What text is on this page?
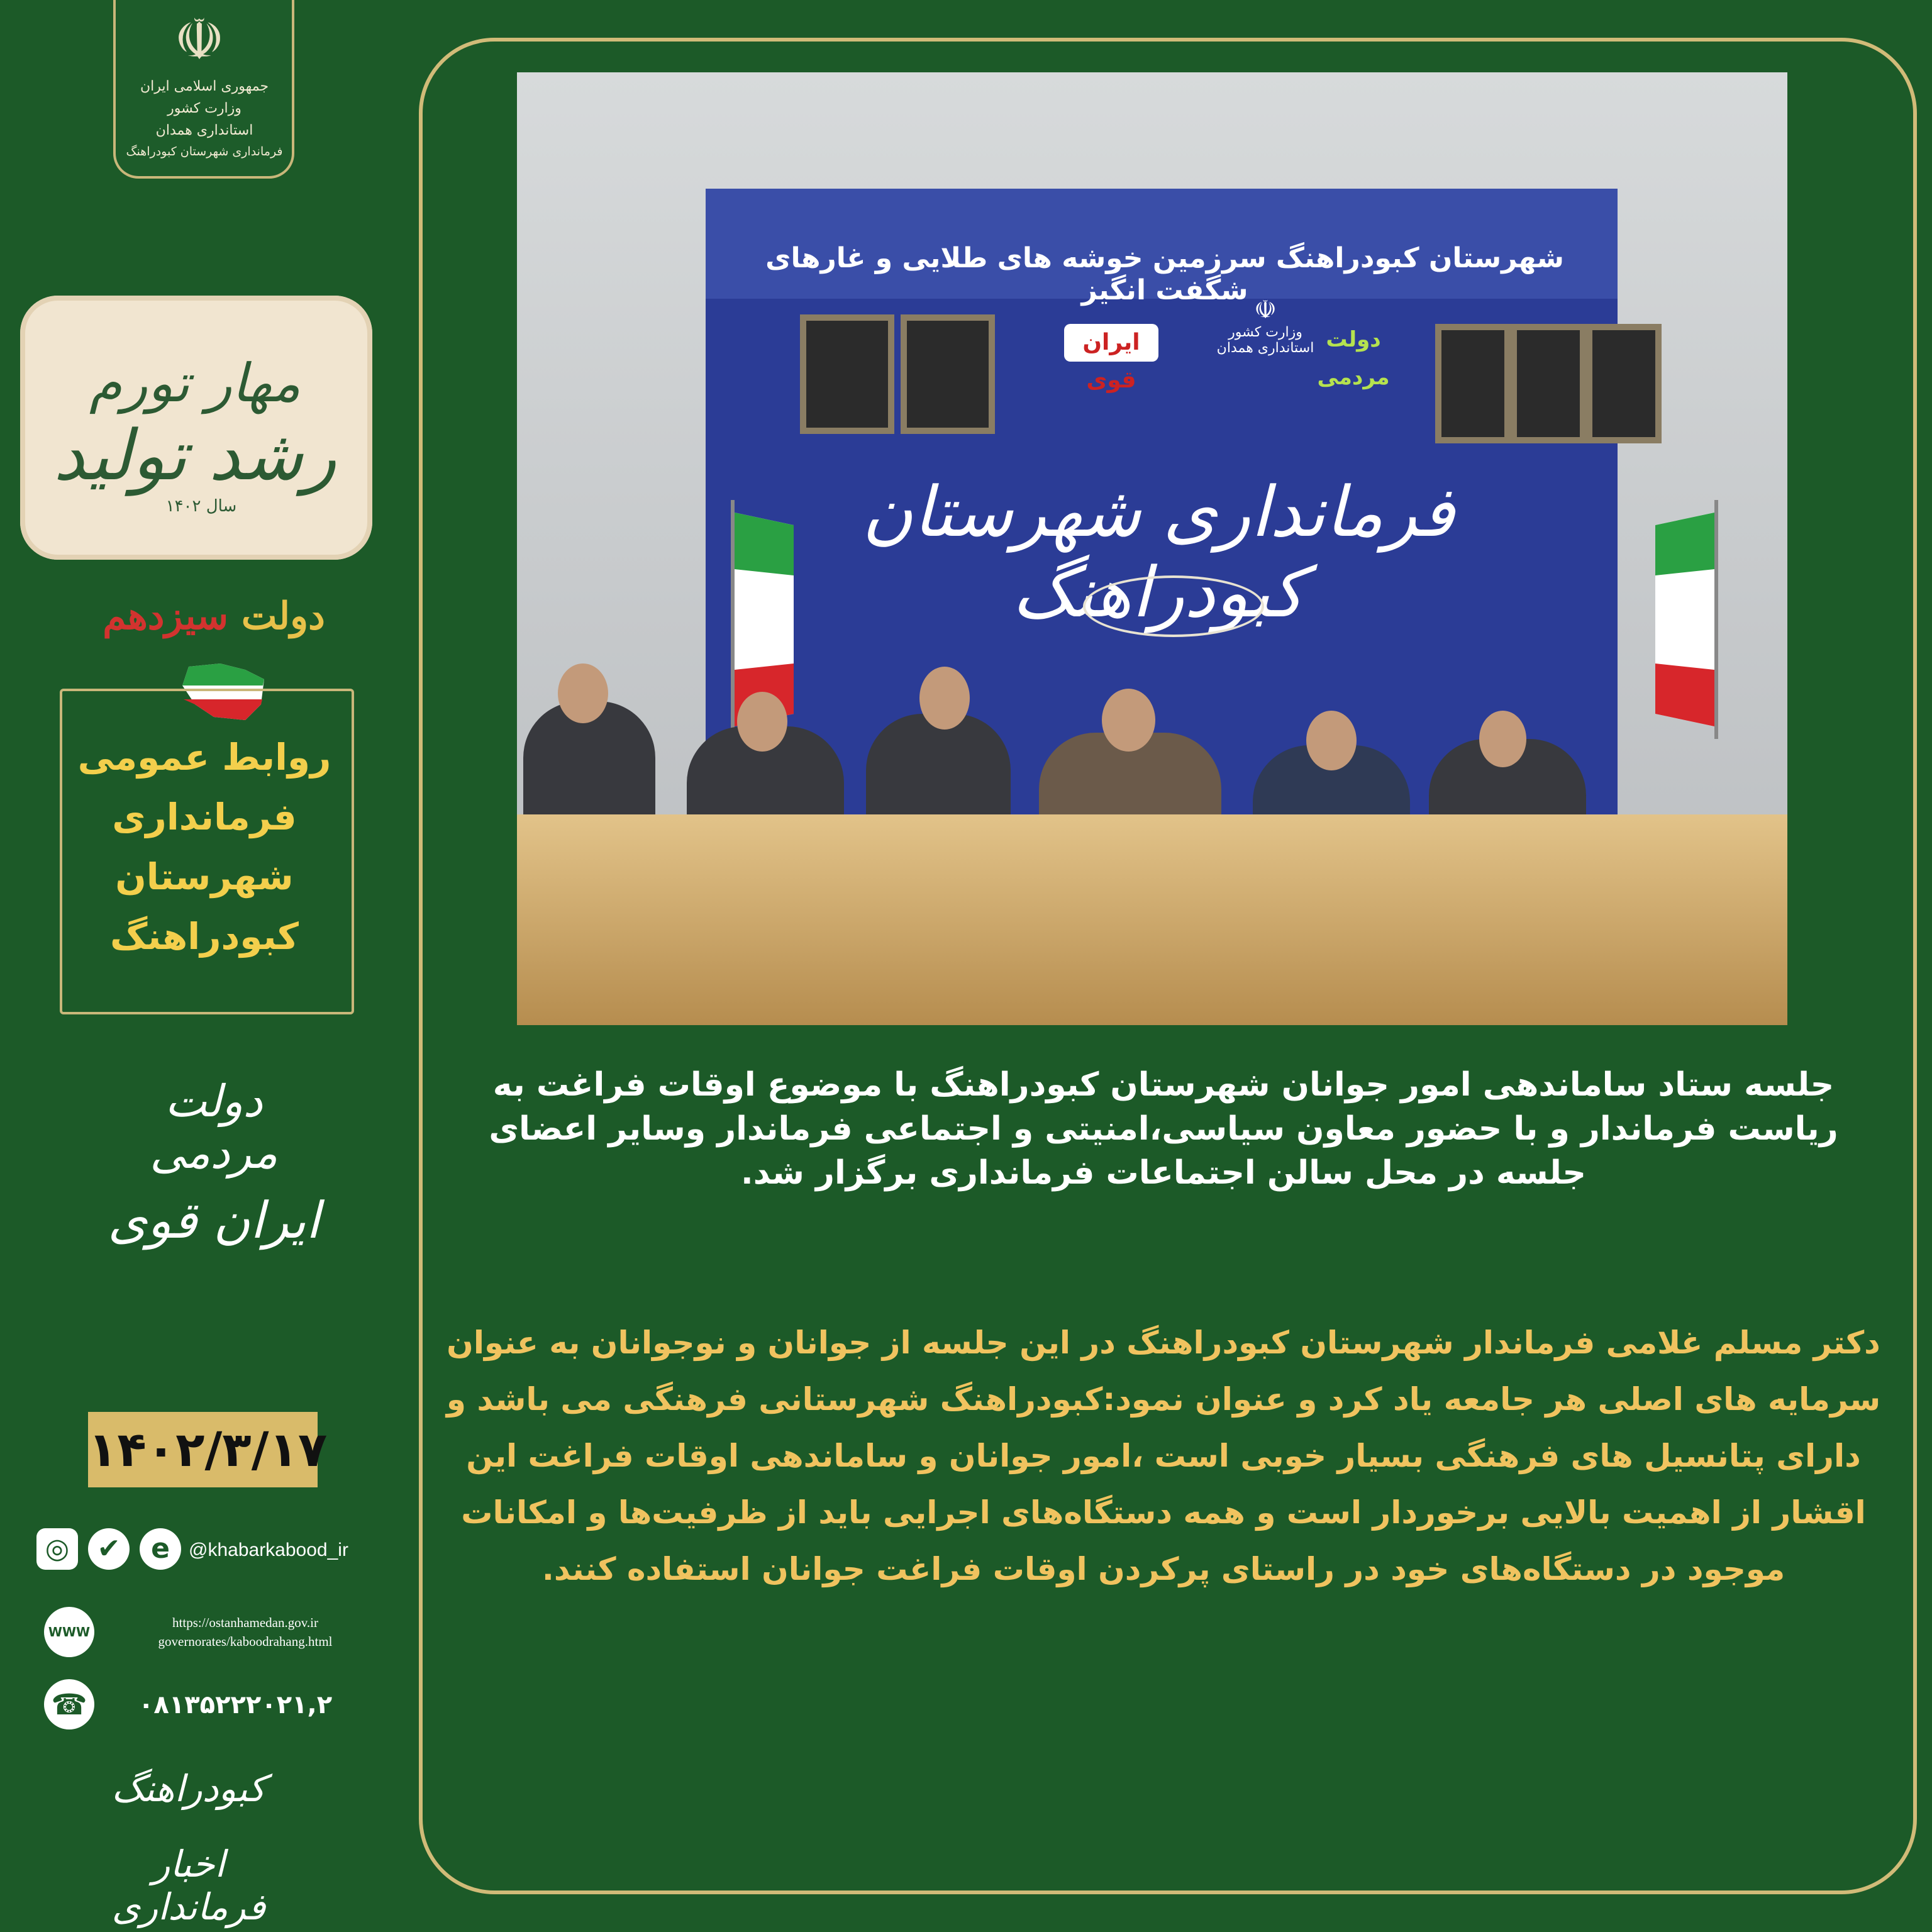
☫
جمهوری اسلامی ایران
وزارت کشور
استانداری همدان
فرمانداری شهرستان کبودراهنگ
مهار تورم
رشد تولید
سال ۱۴۰۲
دولت سیزدهم
روابط عمومی
فرمانداری
شهرستان
کبودراهنگ
دولت مردمی
ایران قوی
۱۴۰۲/۳/۱۷
◎	✔	e	@khabarkabood_ir
WWW
https://ostanhamedan.gov.ir
governorates/kaboodrahang.html
☎ ۰۸۱۳۵۲۲۲۰۲۱,۲
کبودراهنگ
اخبار فرمانداری
شهرستان کبودراهنگ سرزمین خوشه های طلایی و غارهای شگفت انگیز
ایران قوی
☫
وزارت کشور
استانداری همدان دولت مردمی
فرمانداری شهرستان کبودراهنگ
جلسه ستاد ساماندهی امور جوانان شهرستان کبودراهنگ با موضوع اوقات فراغت به ریاست فرماندار و با حضور معاون سیاسی،امنیتی و اجتماعی فرماندار وسایر اعضای جلسه در محل سالن اجتماعات فرمانداری برگزار شد.
دکتر مسلم غلامی فرماندار شهرستان کبودراهنگ در این جلسه از جوانان و نوجوانان به عنوان سرمایه های اصلی هر جامعه یاد کرد و عنوان نمود:کبودراهنگ شهرستانی فرهنگی می باشد و دارای پتانسیل های فرهنگی بسیار خوبی است ،امور جوانان و ساماندهی اوقات فراغت این اقشار از اهمیت بالایی برخوردار است و همه دستگاه‌های اجرایی باید از ظرفیت‌ها و امکانات موجود در دستگاه‌های خود در راستای پرکردن اوقات فراغت جوانان استفاده کنند.
